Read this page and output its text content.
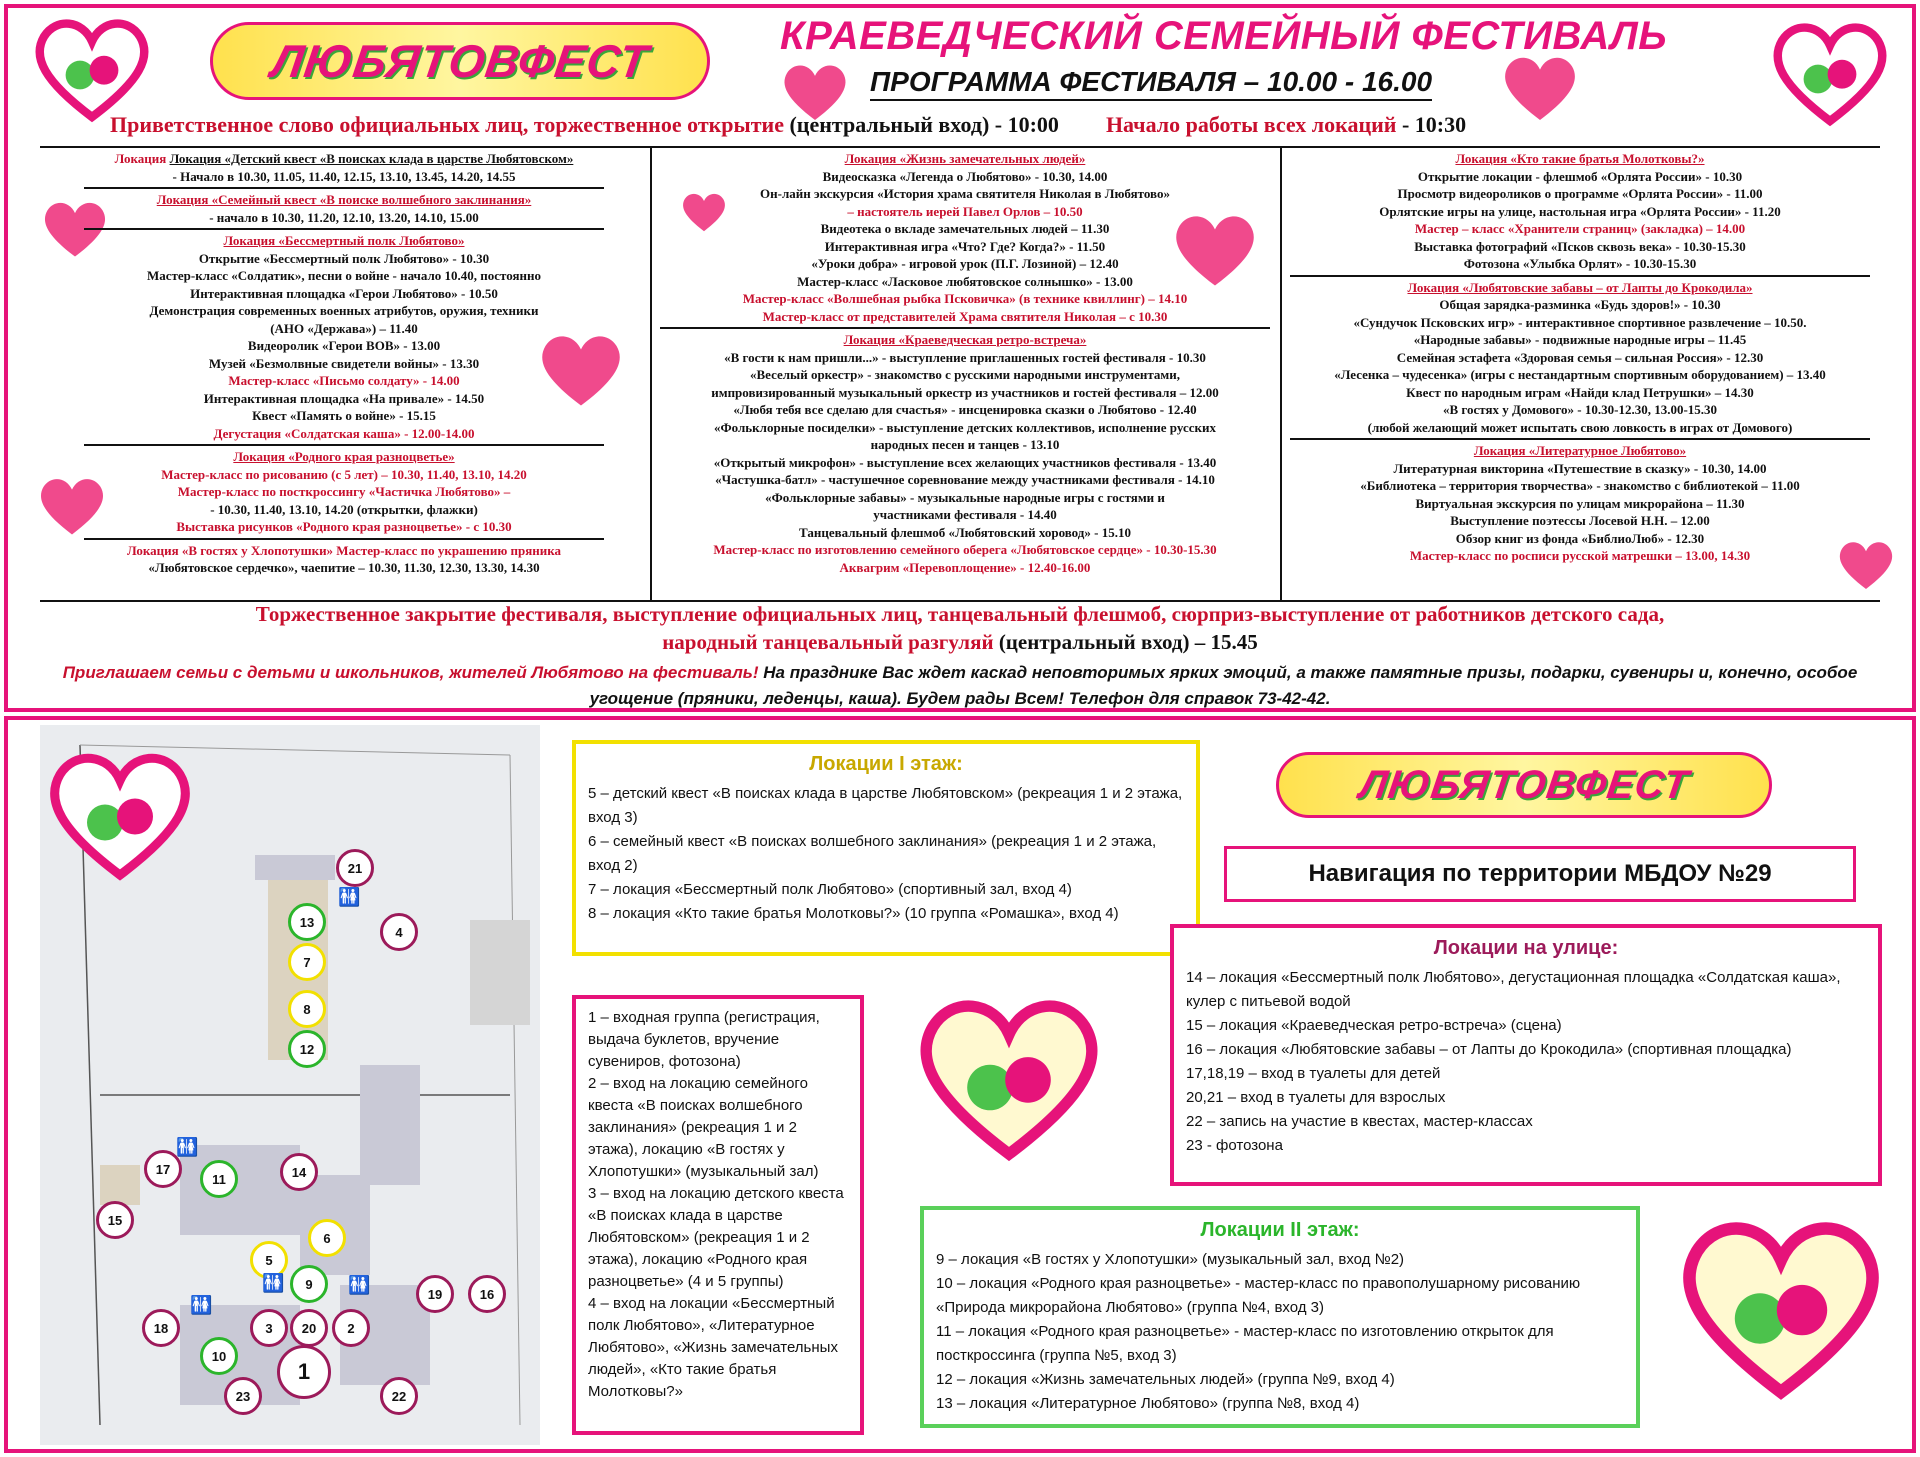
ЛЮБЯТОВФЕСТ	КРАЕВЕДЧЕСКИЙ СЕМЕЙНЫЙ ФЕСТИВАЛЬ
ПРОГРАММА ФЕСТИВАЛЯ – 10.00 - 16.00
Приветственное слово официальных лиц, торжественное открытие (центральный вход) - 10:00 Начало работы всех локаций - 10:30
Локация Локация «Детский квест «В поисках клада в царстве Любятовском»
- Начало в 10.30, 11.05, 11.40, 12.15, 13.10, 13.45, 14.20, 14.55
Локация «Семейный квест «В поиске волшебного заклинания»
- начало в 10.30, 11.20, 12.10, 13.20, 14.10, 15.00
Локация «Бессмертный полк Любятово»
Открытие «Бессмертный полк Любятово» - 10.30
Мастер-класс «Солдатик», песни о войне - начало 10.40, постоянно
Интерактивная площадка «Герои Любятово» - 10.50
Демонстрация современных военных атрибутов, оружия, техники
(АНО «Держава») – 11.40
Видеоролик «Герои ВОВ» - 13.00
Музей «Безмолвные свидетели войны» - 13.30
Мастер-класс «Письмо солдату» - 14.00
Интерактивная площадка «На привале» - 14.50
Квест «Память о войне» - 15.15
Дегустация «Солдатская каша» - 12.00-14.00
Локация «Родного края разноцветье»
Мастер-класс по рисованию (с 5 лет) – 10.30, 11.40, 13.10, 14.20
Мастер-класс по посткроссингу «Частичка Любятово» –
- 10.30, 11.40, 13.10, 14.20 (открытки, флажки)
Выставка рисунков «Родного края разноцветье» - с 10.30
Локация «В гостях у Хлопотушки» Мастер-класс по украшению пряника
«Любятовское сердечко», чаепитие – 10.30, 11.30, 12.30, 13.30, 14.30
Локация «Жизнь замечательных людей»
Видеосказка «Легенда о Любятово» - 10.30, 14.00
Он-лайн экскурсия «История храма святителя Николая в Любятово»
– настоятель иерей Павел Орлов – 10.50
Видеотека о вкладе замечательных людей – 11.30
Интерактивная игра «Что? Где? Когда?» - 11.50
«Уроки добра» - игровой урок (П.Г. Лозиной) – 12.40
Мастер-класс «Ласковое любятовское солнышко» - 13.00
Мастер-класс «Волшебная рыбка Псковичка» (в технике квиллинг) – 14.10
Мастер-класс от представителей Храма святителя Николая – с 10.30
Локация «Краеведческая ретро-встреча»
«В гости к нам пришли...» - выступление приглашенных гостей фестиваля - 10.30
«Веселый оркестр» - знакомство с русскими народными инструментами,
импровизированный музыкальный оркестр из участников и гостей фестиваля – 12.00
«Любя тебя все сделаю для счастья» - инсценировка сказки о Любятово - 12.40
«Фольклорные посиделки» - выступление детских коллективов, исполнение русских
народных песен и танцев - 13.10
«Открытый микрофон» - выступление всех желающих участников фестиваля - 13.40
«Частушка-батл» - частушечное соревнование между участниками фестиваля - 14.10
«Фольклорные забавы» - музыкальные народные игры с гостями и
участниками фестиваля - 14.40
Танцевальный флешмоб «Любятовский хоровод» - 15.10
Мастер-класс по изготовлению семейного оберега «Любятовское сердце» - 10.30-15.30
Аквагрим «Перевоплощение» - 12.40-16.00
Локация «Кто такие братья Молотковы?»
Открытие локации - флешмоб «Орлята России» - 10.30
Просмотр видеороликов о программе «Орлята России» - 11.00
Орлятские игры на улице, настольная игра «Орлята России» - 11.20
Мастер – класс «Хранители страниц» (закладка) – 14.00
Выставка фотографий «Псков сквозь века» - 10.30-15.30
Фотозона «Улыбка Орлят» - 10.30-15.30
Локация «Любятовские забавы – от Лапты до Крокодила»
Общая зарядка-разминка «Будь здоров!» - 10.30
«Сундучок Псковских игр» - интерактивное спортивное развлечение – 10.50.
«Народные забавы» - подвижные народные игры – 11.45
Семейная эстафета «Здоровая семья – сильная Россия» - 12.30
«Лесенка – чудесенка» (игры с нестандартным спортивным оборудованием) – 13.40
Квест по народным играм «Найди клад Петрушки» – 14.30
«В гостях у Домового» - 10.30-12.30, 13.00-15.30
(любой желающий может испытать свою ловкость в играх от Домового)
Локация «Литературное Любятово»
Литературная викторина «Путешествие в сказку» - 10.30, 14.00
«Библиотека – территория творчества» - знакомство с библиотекой – 11.00
Виртуальная экскурсия по улицам микрорайона – 11.30
Выступление поэтессы Лосевой Н.Н. – 12.00
Обзор книг из фонда «БиблиоЛюб» - 12.30
Мастер-класс по росписи русской матрешки – 13.00, 14.30
Торжественное закрытие фестиваля, выступление официальных лиц, танцевальный флешмоб, сюрприз-выступление от работников детского сада,
народный танцевальный разгуляй (центральный вход) – 15.45
Приглашаем семьи с детьми и школьников, жителей Любятово на фестиваль! На празднике Вас ждет каскад неповторимых ярких эмоций, а также памятные призы, подарки, сувениры и, конечно, особое угощение (пряники, леденцы, каша). Будем рады Всем! Телефон для справок 73-42-42.
21
13
4
7
8
12
17
11	14
15
6
5
9
19	16
18	3	20	2
10
1
23	22
🚻
🚻
🚻
🚻
🚻
Локации I этаж:
5 – детский квест «В поисках клада в царстве Любятовском» (рекреация 1 и 2 этажа, вход 3)
6 – семейный квест «В поисках волшебного заклинания» (рекреация 1 и 2 этажа, вход 2)
7 – локация «Бессмертный полк Любятово» (спортивный зал, вход 4)
8 – локация «Кто такие братья Молотковы?» (10 группа «Ромашка», вход 4)
ЛЮБЯТОВФЕСТ
Навигация по территории МБДОУ №29
1 – входная группа (регистрация, выдача буклетов, вручение сувениров, фотозона)
2 – вход на локацию семейного квеста «В поисках волшебного заклинания» (рекреация 1 и 2 этажа), локацию «В гостях у Хлопотушки» (музыкальный зал)
3 – вход на локацию детского квеста «В поисках клада в царстве Любятовском» (рекреация 1 и 2 этажа), локацию «Родного края разноцветье» (4 и 5 группы)
4 – вход на локации «Бессмертный полк Любятово», «Литературное Любятово», «Жизнь замечательных людей», «Кто такие братья Молотковы?»
Локации на улице:
14 – локация «Бессмертный полк Любятово», дегустационная площадка «Солдатская каша», кулер с питьевой водой
15 – локация «Краеведческая ретро-встреча» (сцена)
16 – локация «Любятовские забавы – от Лапты до Крокодила» (спортивная площадка)
17,18,19 – вход в туалеты для детей
20,21 – вход в туалеты для взрослых
22 – запись на участие в квестах, мастер-классах
23 - фотозона
Локации II этаж:
9 – локация «В гостях у Хлопотушки» (музыкальный зал, вход №2)
10 – локация «Родного края разноцветье» - мастер-класс по правополушарному рисованию «Природа микрорайона Любятово» (группа №4, вход 3)
11 – локация «Родного края разноцветье» - мастер-класс по изготовлению открыток для посткроссинга (группа №5, вход 3)
12 – локация «Жизнь замечательных людей» (группа №9, вход 4)
13 – локация «Литературное Любятово» (группа №8, вход 4)
